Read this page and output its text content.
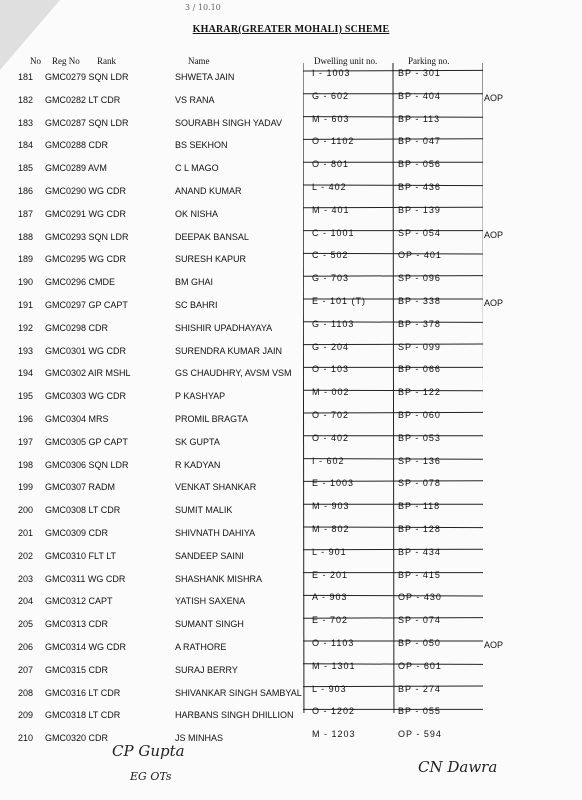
3 / 10.10
KHARAR(GREATER MOHALI) SCHEME
No Reg No Rank	Name	Dwelling unit no.	Parking no.
181	GMC0279 SQN LDR	SHWETA JAIN	I - 1003	BP - 301
182	GMC0282 LT CDR	VS RANA	G - 602	BP - 404	AOP
183	GMC0287 SQN LDR	SOURABH SINGH YADAV	M - 603	BP - 113
184	GMC0288 CDR	BS SEKHON	O - 1102	BP - 047
185	GMC0289 AVM	C L MAGO	O - 801	BP - 056
186	GMC0290 WG CDR	ANAND KUMAR	L - 402	BP - 436
187	GMC0291 WG CDR	OK NISHA	M - 401	BP - 139
188	GMC0293 SQN LDR	DEEPAK BANSAL	C - 1001	SP - 054	AOP
189	GMC0295 WG CDR	SURESH KAPUR	C - 502	OP - 401
190	GMC0296 CMDE	BM GHAI	G - 703	SP - 096
191	GMC0297 GP CAPT	SC BAHRI	E - 101 (T)	BP - 338	AOP
192	GMC0298 CDR	SHISHIR UPADHAYAYA	G - 1103	BP - 378
193	GMC0301 WG CDR	SURENDRA KUMAR JAIN	G - 204	SP - 099
194	GMC0302 AIR MSHL	GS CHAUDHRY, AVSM VSM O - 103	BP - 066
195	GMC0303 WG CDR	P KASHYAP	M - 002	BP - 122
196	GMC0304 MRS	PROMIL BRAGTA	O - 702	BP - 060
197	GMC0305 GP CAPT	SK GUPTA	O - 402	BP - 053
198	GMC0306 SQN LDR	R KADYAN	I - 602	SP - 136
199	GMC0307 RADM	VENKAT SHANKAR	E - 1003	SP - 078
200	GMC0308 LT CDR	SUMIT MALIK	M - 903	BP - 118
201	GMC0309 CDR	SHIVNATH DAHIYA	M - 802	BP - 128
202	GMC0310 FLT LT	SANDEEP SAINI	L - 901	BP - 434
203	GMC0311 WG CDR	SHASHANK MISHRA	E - 201	BP - 415
204	GMC0312 CAPT	YATISH SAXENA	A - 903	OP - 430
205	GMC0313 CDR	SUMANT SINGH	E - 702	SP - 074
206	GMC0314 WG CDR	A RATHORE	O - 1103	BP - 050	AOP
207	GMC0315 CDR	SURAJ BERRY	M - 1301	OP - 601
208	GMC0316 LT CDR	SHIVANKAR SINGH SAMBYAL L - 903	BP - 274
209	GMC0318 LT CDR	HARBANS SINGH DHILLION O - 1202	BP - 055
210	GMC0320 CDR	JS MINHAS	M - 1203	OP - 594
CP Gupta
EG OTs
CN Dawra
